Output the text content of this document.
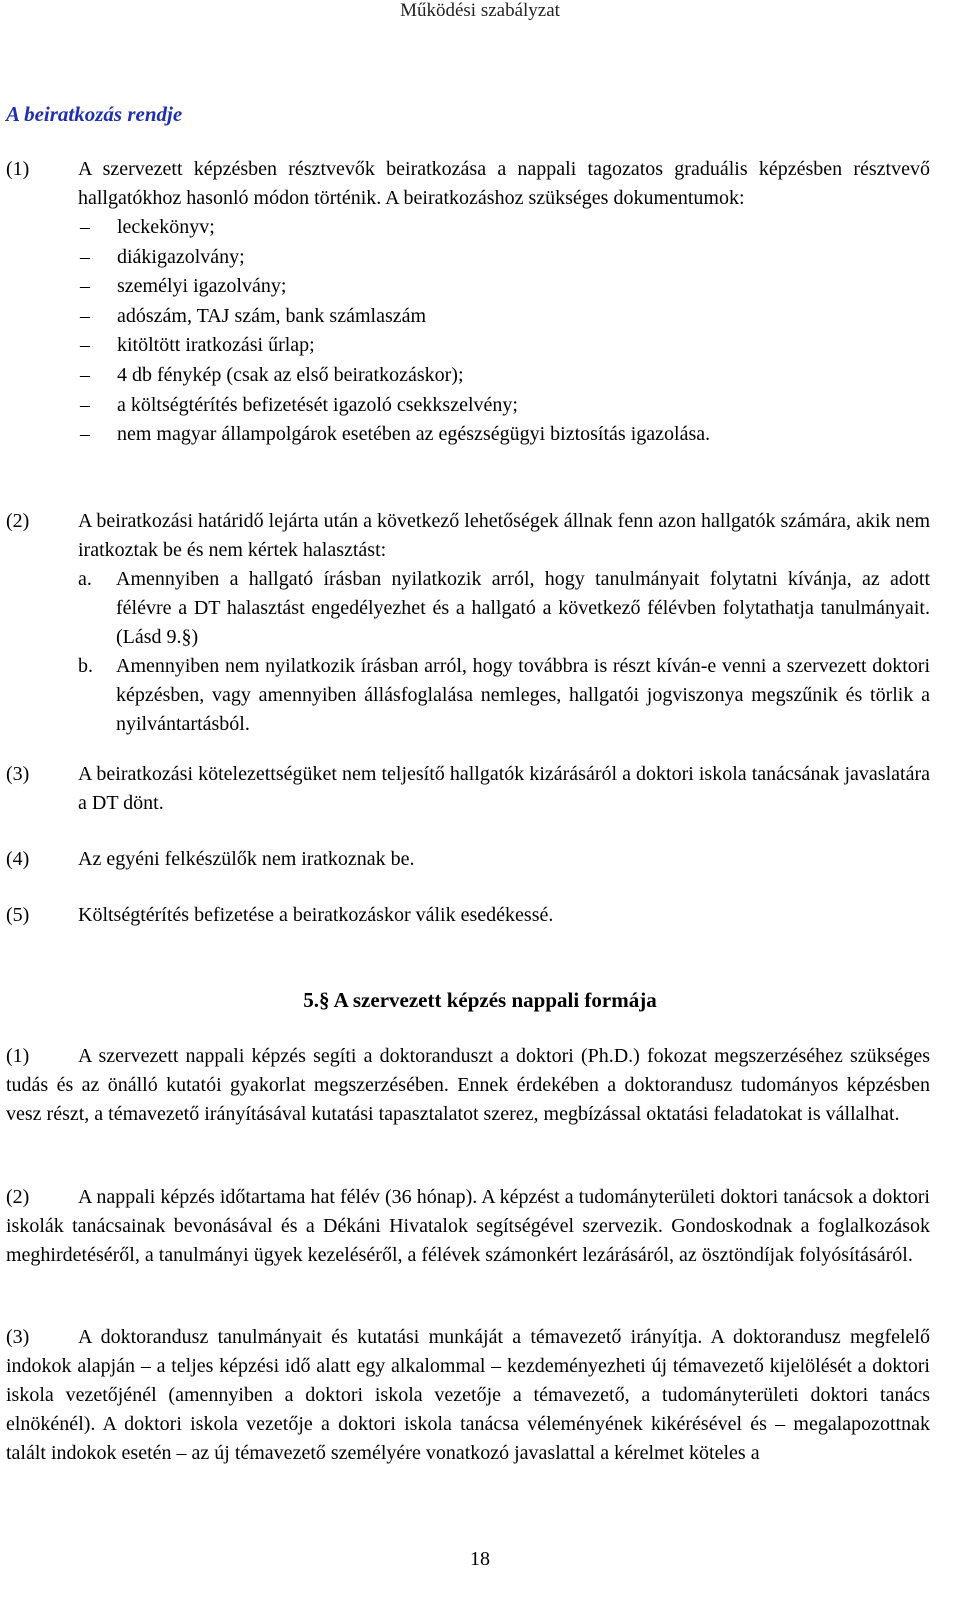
Működési szabályzat
A beiratkozás rendje
(1) A szervezett képzésben résztvevők beiratkozása a nappali tagozatos graduális képzésben résztvevő hallgatókhoz hasonló módon történik. A beiratkozáshoz szükséges dokumentumok:
– leckekönyv;
– diákigazolvány;
– személyi igazolvány;
– adószám, TAJ szám, bank számlaszám
– kitöltött iratkozási űrlap;
– 4 db fénykép (csak az első beiratkozáskor);
– a költségtérítés befizetését igazoló csekkszelvény;
– nem magyar állampolgárok esetében az egészségügyi biztosítás igazolása.
(2) A beiratkozási határidő lejárta után a következő lehetőségek állnak fenn azon hallgatók számára, akik nem iratkoztak be és nem kértek halasztást:
a. Amennyiben a hallgató írásban nyilatkozik arról, hogy tanulmányait folytatni kívánja, az adott félévre a DT halasztást engedélyezhet és a hallgató a következő félévben folytathatja tanulmányait. (Lásd 9.§)
b. Amennyiben nem nyilatkozik írásban arról, hogy továbbra is részt kíván-e venni a szervezett doktori képzésben, vagy amennyiben állásfoglalása nemleges, hallgatói jogviszonya megszűnik és törlik a nyilvántartásból.
(3) A beiratkozási kötelezettségüket nem teljesítő hallgatók kizárásáról a doktori iskola tanácsának javaslatára a DT dönt.
(4) Az egyéni felkészülők nem iratkoznak be.
(5) Költségtérítés befizetése a beiratkozáskor válik esedékessé.
5.§ A szervezett képzés nappali formája
(1) A szervezett nappali képzés segíti a doktoranduszt a doktori (Ph.D.) fokozat megszerzéséhez szükséges tudás és az önálló kutatói gyakorlat megszerzésében. Ennek érdekében a doktorandusz tudományos képzésben vesz részt, a témavezető irányításával kutatási tapasztalatot szerez, megbízással oktatási feladatokat is vállalhat.
(2) A nappali képzés időtartama hat félév (36 hónap). A képzést a tudományterületi doktori tanácsok a doktori iskolák tanácsainak bevonásával és a Dékáni Hivatalok segítségével szervezik. Gondoskodnak a foglalkozások meghirdetéséről, a tanulmányi ügyek kezeléséről, a félévek számonkért lezárásáról, az ösztöndíjak folyósításáról.
(3) A doktorandusz tanulmányait és kutatási munkáját a témavezető irányítja. A doktorandusz megfelelő indokok alapján – a teljes képzési idő alatt egy alkalommal – kezdeményezheti új témavezető kijelölését a doktori iskola vezetőjénél (amennyiben a doktori iskola vezetője a témavezető, a tudományterületi doktori tanács elnökénél). A doktori iskola vezetője a doktori iskola tanácsa véleményének kikérésével és – megalapozottnak talált indokok esetén – az új témavezető személyére vonatkozó javaslattal a kérelmet köteles a
18
